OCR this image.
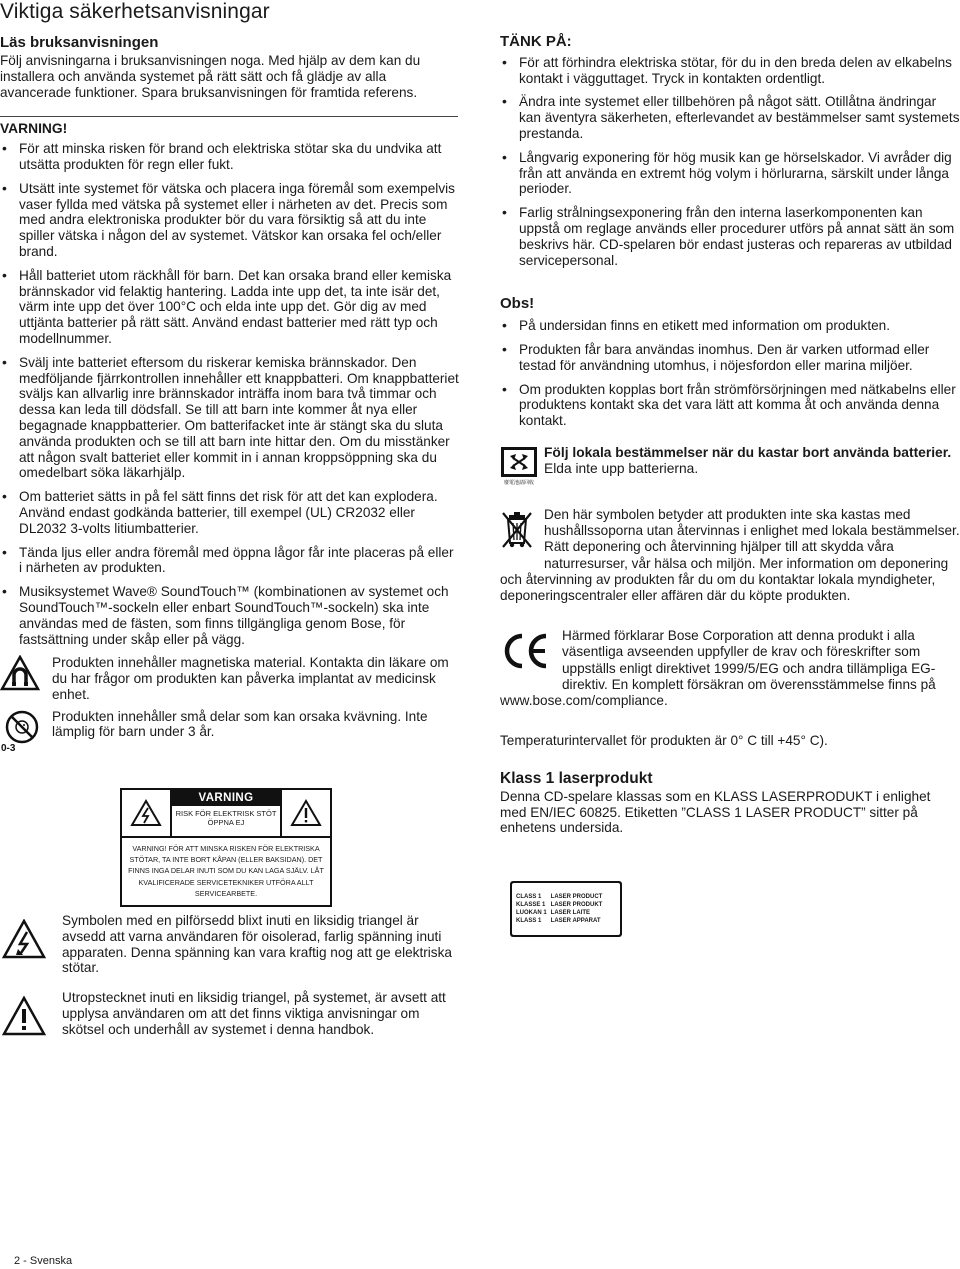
Viktiga säkerhetsanvisningar
Läs bruksanvisningen

Följ anvisningarna i bruksanvisningen noga. Med hjälp av dem kan du installera och använda systemet på rätt sätt och få glädje av alla avancerade funktioner. Spara bruksanvisningen för framtida referens.

VARNING!

• För att minska risken för brand och elektriska stötar ska du undvika att utsätta produkten för regn eller fukt.
• Utsätt inte systemet för vätska och placera inga föremål som exempelvis vaser fyllda med vätska på systemet eller i närheten av det. Precis som med andra elektroniska produkter bör du vara försiktig så att du inte spiller vätska i någon del av systemet. Vätskor kan orsaka fel och/eller brand.
• Håll batteriet utom räckhåll för barn. Det kan orsaka brand eller kemiska brännskador vid felaktig hantering. Ladda inte upp det, ta inte isär det, värm inte upp det över 100°C och elda inte upp det. Gör dig av med uttjänta batterier på rätt sätt. Använd endast batterier med rätt typ och modellnummer.
• Svälj inte batteriet eftersom du riskerar kemiska brännskador. Den medföljande fjärrkontrollen innehåller ett knappbatteri. Om knappbatteriet sväljs kan allvarlig inre brännskador inträffa inom bara två timmar och dessa kan leda till dödsfall. Se till att barn inte kommer åt nya eller begagnade knappbatterier. Om batterifacket inte är stängt ska du sluta använda produkten och se till att barn inte hittar den. Om du misstänker att någon svalt batteriet eller kommit in i annan kroppsöppning ska du omedelbart söka läkarhjälp.
• Om batteriet sätts in på fel sätt finns det risk för att det kan explodera. Använd endast godkända batterier, till exempel (UL) CR2032 eller DL2032 3-volts litiumbatterier.
• Tända ljus eller andra föremål med öppna lågor får inte placeras på eller i närheten av produkten.
• Musiksystemet Wave® SoundTouch™ (kombinationen av systemet och SoundTouch™-sockeln eller enbart SoundTouch™-sockeln) ska inte användas med de fästen, som finns tillgängliga genom Bose, för fastsättning under skåp eller på vägg.

Produkten innehåller magnetiska material. Kontakta din läkare om du har frågor om produkten kan påverka implantat av medicinsk enhet.

0-3

Produkten innehåller små delar som kan orsaka kvävning. Inte lämplig för barn under 3 år.

VARNING
RISK FÖR ELEKTRISK STÖT ÖPPNA EJ
VARNING! FÖR ATT MINSKA RISKEN FÖR ELEKTRISKA STÖTAR, TA INTE BORT KÅPAN (ELLER BAKSIDAN). DET FINNS INGA DELAR INUTI SOM DU KAN LAGA SJÄLV. LÅT KVALIFICERADE SERVICETEKNIKER UTFÖRA ALLT SERVICEARBETE.

Symbolen med en pilförsedd blixt inuti en liksidig triangel är avsedd att varna användaren för oisolerad, farlig spänning inuti apparaten. Denna spänning kan vara kraftig nog att ge elektriska stötar.

Utropstecknet inuti en liksidig triangel, på systemet, är avsett att upplysa användaren om att det finns viktiga anvisningar om skötsel och underhåll av systemet i denna handbok.

TÄNK PÅ:

• För att förhindra elektriska stötar, för du in den breda delen av elkabelns kontakt i vägguttaget. Tryck in kontakten ordentligt.
• Ändra inte systemet eller tillbehören på något sätt. Otillåtna ändringar kan äventyra säkerheten, efterlevandet av bestämmelser samt systemets prestanda.
• Långvarig exponering för hög musik kan ge hörselskador. Vi avråder dig från att använda en extremt hög volym i hörlurarna, särskilt under långa perioder.
• Farlig strålningsexponering från den interna laserkomponenten kan uppstå om reglage används eller procedurer utförs på annat sätt än som beskrivs här. CD-spelaren bör endast justeras och repareras av utbildad servicepersonal.

Obs!

• På undersidan finns en etikett med information om produkten.
• Produkten får bara användas inomhus. Den är varken utformad eller testad för användning utomhus, i nöjesfordon eller marina miljöer.
• Om produkten kopplas bort från strömförsörjningen med nätkabelns eller produktens kontakt ska det vara lätt att komma åt och använda denna kontakt.
廢電池請回收

Följ lokala bestämmelser när du kastar bort använda batterier. Elda inte upp batterierna.

Den här symbolen betyder att produkten inte ska kastas med hushållssoporna utan återvinnas i enlighet med lokala bestämmelser. Rätt deponering och återvinning hjälper till att skydda våra naturresurser, vår hälsa och miljön. Mer information om deponering och återvinning av produkten får du om du kontaktar lokala myndigheter, deponeringscentraler eller affären där du köpte produkten.

Härmed förklarar Bose Corporation att denna produkt i alla väsentliga avseenden uppfyller de krav och föreskrifter som uppställs enligt direktivet 1999/5/EG och andra tillämpliga EG-direktiv. En komplett försäkran om överensstämmelse finns på www.bose.com/compliance.

Temperaturintervallet för produkten är 0° C till +45° C).

Klass 1 laserprodukt

Denna CD-spelare klassas som en KLASS LASERPRODUKT i enlighet med EN/IEC 60825. Etiketten ”CLASS 1 LASER PRODUCT” sitter på enhetens undersida.

CLASS 1	LASER PRODUCT
KLASSE 1	LASER PRODUKT
LUOKAN 1	LASER LAITE
KLASS 1	LASER APPARAT
2 - Svenska
